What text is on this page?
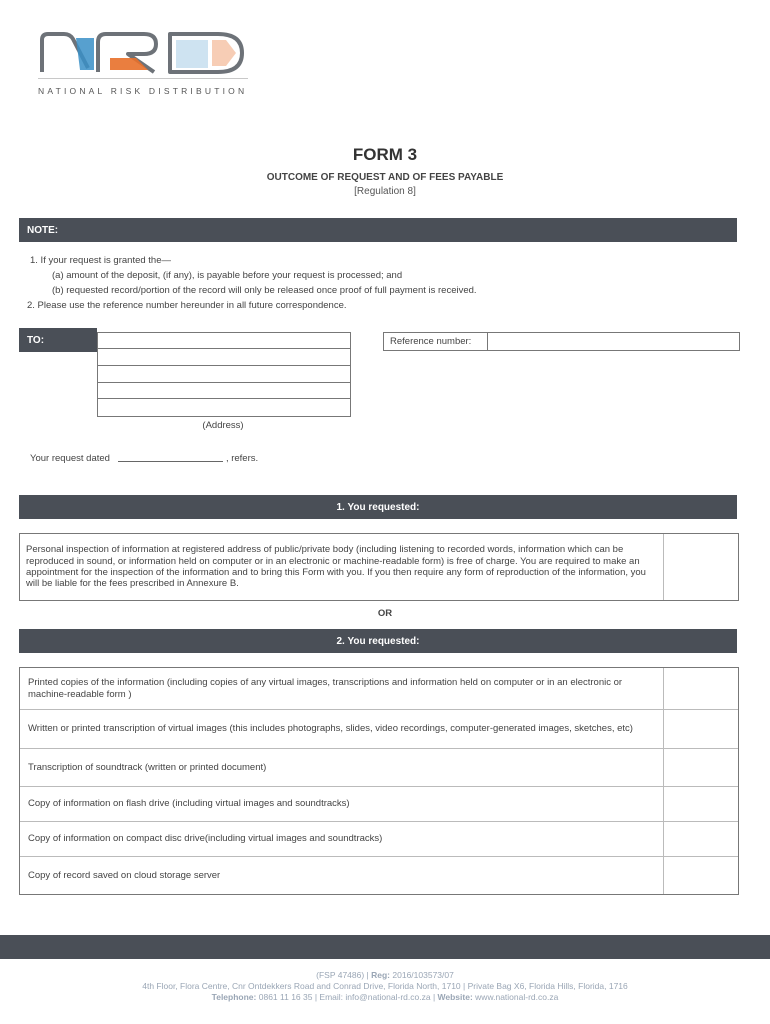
NATIONAL RISK DISTRIBUTION
FORM 3
OUTCOME OF REQUEST AND OF FEES PAYABLE
[Regulation 8]
NOTE:
1. If your request is granted the—
(a) amount of the deposit, (if any), is payable before your request is processed; and
(b) requested record/portion of the record will only be released once proof of full payment is received.
2. Please use the reference number hereunder in all future correspondence.
TO:
(Address)
Reference number:
Your request dated	, refers.
1. You requested:
Personal inspection of information at registered address of public/private body (including listening to recorded words, information which can be reproduced in sound, or information held on computer or in an electronic or machine-readable form) is free of charge. You are required to make an appointment for the inspection of the information and to bring this Form with you. If you then require any form of reproduction of the information, you will be liable for the fees prescribed in Annexure B.
OR
2. You requested:
Printed copies of the information (including copies of any virtual images, transcriptions and information held on computer or in an electronic or machine-readable form )
Written or printed transcription of virtual images (this includes photographs, slides, video recordings, computer-generated images, sketches, etc)
Transcription of soundtrack (written or printed document)
Copy of information on flash drive (including virtual images and soundtracks)
Copy of information on compact disc drive(including virtual images and soundtracks)
Copy of record saved on cloud storage server
(FSP 47486) | Reg: 2016/103573/07
4th Floor, Flora Centre, Cnr Ontdekkers Road and Conrad Drive, Florida North, 1710 | Private Bag X6, Florida Hills, Florida, 1716
Telephone: 0861 11 16 35 | Email: info@national-rd.co.za | Website: www.national-rd.co.za
